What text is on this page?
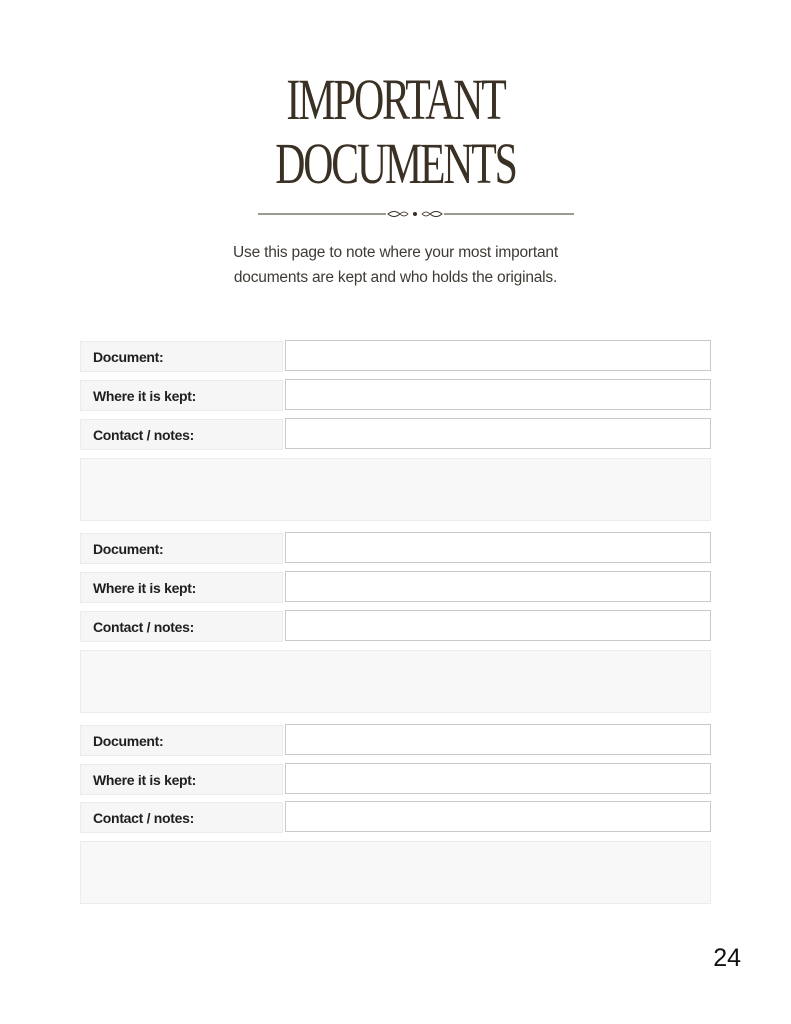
IMPORTANT
DOCUMENTS
Use this page to note where your most important
documents are kept and who holds the originals.
Document:
Where it is kept:
Contact / notes:
Document:
Where it is kept:
Contact / notes:
Document:
Where it is kept:
Contact / notes:
24
